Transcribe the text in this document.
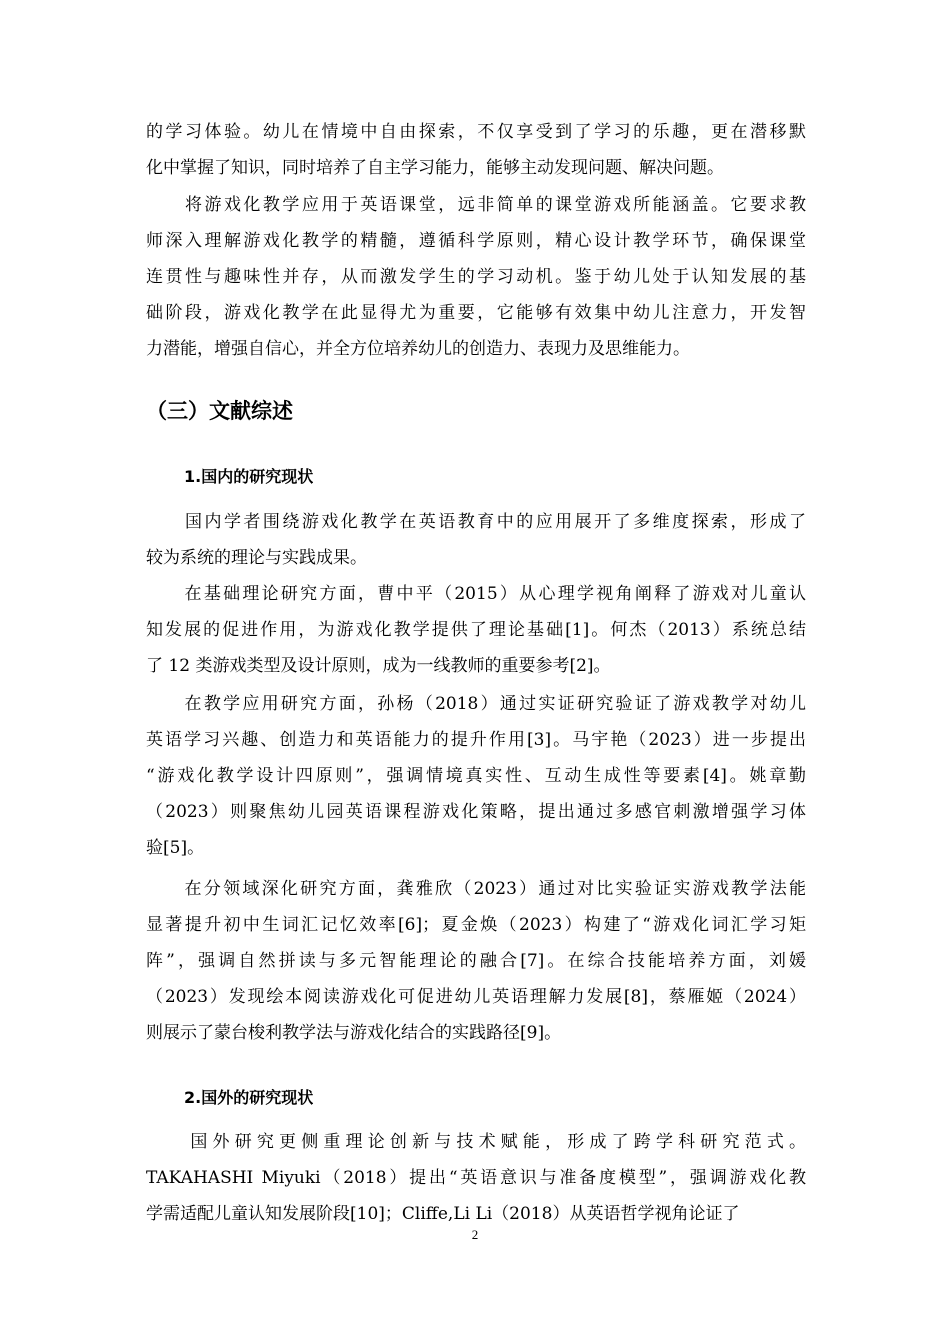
的学习体验。幼儿在情境中自由探索，不仅享受到了学习的乐趣，更在潜移默
化中掌握了知识，同时培养了自主学习能力，能够主动发现问题、解决问题。
　　将游戏化教学应用于英语课堂，远非简单的课堂游戏所能涵盖。它要求教
师深入理解游戏化教学的精髓，遵循科学原则，精心设计教学环节，确保课堂
连贯性与趣味性并存，从而激发学生的学习动机。鉴于幼儿处于认知发展的基
础阶段，游戏化教学在此显得尤为重要，它能够有效集中幼儿注意力，开发智
力潜能，增强自信心，并全方位培养幼儿的创造力、表现力及思维能力。
（三）文献综述
1.国内的研究现状
　　国内学者围绕游戏化教学在英语教育中的应用展开了多维度探索，形成了
较为系统的理论与实践成果。
　　在基础理论研究方面，曹中平（2015）从心理学视角阐释了游戏对儿童认
知发展的促进作用，为游戏化教学提供了理论基础[1]。何杰（2013）系统总结
了 12 类游戏类型及设计原则，成为一线教师的重要参考[2]。
　　在教学应用研究方面，孙杨（2018）通过实证研究验证了游戏教学对幼儿
英语学习兴趣、创造力和英语能力的提升作用[3]。马宇艳（2023）进一步提出
“游戏化教学设计四原则”，强调情境真实性、互动生成性等要素[4]。姚章勤
（2023）则聚焦幼儿园英语课程游戏化策略，提出通过多感官刺激增强学习体
验[5]。
　　在分领域深化研究方面，龚雅欣（2023）通过对比实验证实游戏教学法能
显著提升初中生词汇记忆效率[6]；夏金焕（2023）构建了“游戏化词汇学习矩
阵”，强调自然拼读与多元智能理论的融合[7]。在综合技能培养方面，刘媛
（2023）发现绘本阅读游戏化可促进幼儿英语理解力发展[8]，蔡雁姬（2024）
则展示了蒙台梭利教学法与游戏化结合的实践路径[9]。
2.国外的研究现状
　　国外研究更侧重理论创新与技术赋能，形成了跨学科研究范式。
TAKAHASHI Miyuki（2018）提出“英语意识与准备度模型”，强调游戏化教
学需适配儿童认知发展阶段[10]；Cliffe,Li Li（2018）从英语哲学视角论证了
2
